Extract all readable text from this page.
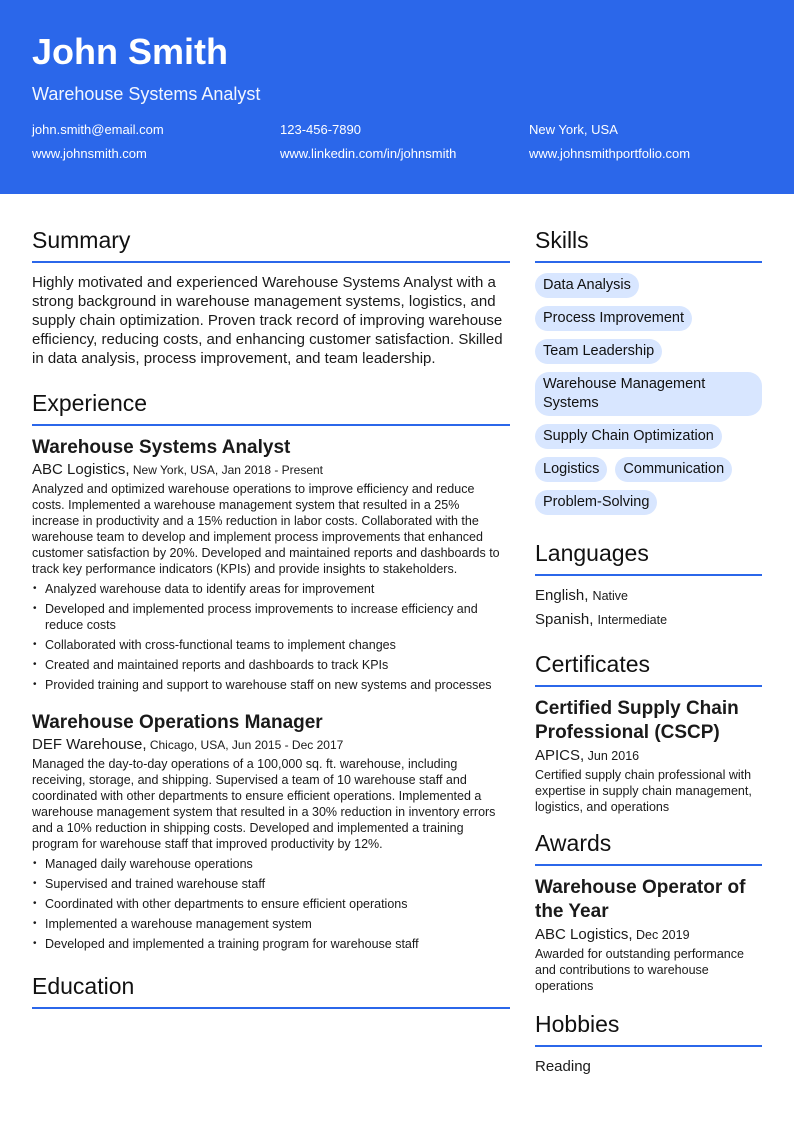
John Smith
Warehouse Systems Analyst
john.smith@email.com	123-456-7890	New York, USA
www.johnsmith.com	www.linkedin.com/in/johnsmith	www.johnsmithportfolio.com
Summary

Highly motivated and experienced Warehouse Systems Analyst with a strong background in warehouse management systems, logistics, and supply chain optimization. Proven track record of improving warehouse efficiency, reducing costs, and enhancing customer satisfaction. Skilled in data analysis, process improvement, and team leadership.

Experience
Warehouse Systems Analyst
ABC Logistics, New York, USA, Jan 2018 - Present

Analyzed and optimized warehouse operations to improve efficiency and reduce costs. Implemented a warehouse management system that resulted in a 25% increase in productivity and a 15% reduction in labor costs. Collaborated with the warehouse team to develop and implement process improvements that enhanced customer satisfaction by 20%. Developed and maintained reports and dashboards to track key performance indicators (KPIs) and provide insights to stakeholders.

• Analyzed warehouse data to identify areas for improvement
• Developed and implemented process improvements to increase efficiency and reduce costs
• Collaborated with cross-functional teams to implement changes
• Created and maintained reports and dashboards to track KPIs
• Provided training and support to warehouse staff on new systems and processes
Warehouse Operations Manager
DEF Warehouse, Chicago, USA, Jun 2015 - Dec 2017

Managed the day-to-day operations of a 100,000 sq. ft. warehouse, including receiving, storage, and shipping. Supervised a team of 10 warehouse staff and coordinated with other departments to ensure efficient operations. Implemented a warehouse management system that resulted in a 30% reduction in inventory errors and a 10% reduction in shipping costs. Developed and implemented a training program for warehouse staff that improved productivity by 12%.

• Managed daily warehouse operations
• Supervised and trained warehouse staff
• Coordinated with other departments to ensure efficient operations
• Implemented a warehouse management system
• Developed and implemented a training program for warehouse staff
Education
Skills
Data Analysis
Process Improvement
Team Leadership
Warehouse Management Systems
Supply Chain Optimization
Logistics	Communication
Problem-Solving
Languages
English, Native
Spanish, Intermediate
Certificates
Certified Supply Chain Professional (CSCP)
APICS, Jun 2016

Certified supply chain professional with expertise in supply chain management, logistics, and operations

Awards
Warehouse Operator of the Year
ABC Logistics, Dec 2019

Awarded for outstanding performance and contributions to warehouse operations

Hobbies
Reading
